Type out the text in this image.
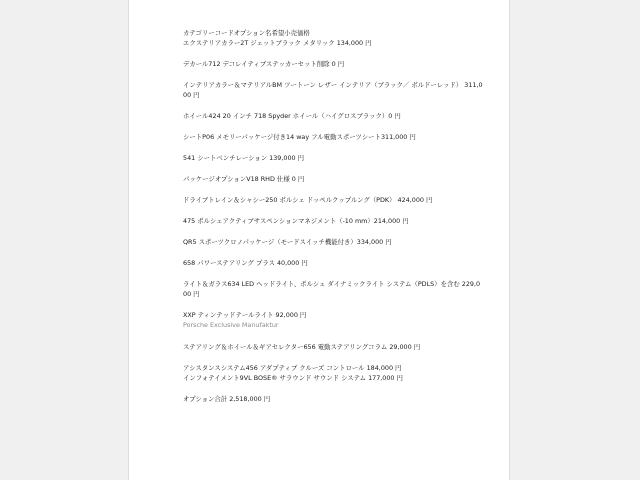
カテゴリーコードオプション名希望小売価格

エクステリアカラー2T ジェットブラック メタリック 134,000 円

デカール712 デコレイティブステッカーセット削除 0 円

インテリアカラー＆マテリアルBM ツートーン レザー インテリア（ブラック／ ボルドーレッド） 311,000 円

ホイール424 20 インチ 718 Spyder ホイール（ハイグロスブラック）0 円

シートP06 メモリーパッケージ付き14 way フル電動スポーツシート311,000 円

541 シートベンチレーション 139,000 円

パッケージオプションV18 RHD 仕様 0 円

ドライブトレイン＆シャシー250 ポルシェ ドッペルクップルング（PDK） 424,000 円

475 ポルシェアクティブサスペンションマネジメント（-10 mm）214,000 円

QR5 スポーツクロノパッケージ（モードスイッチ機能付き）334,000 円

658 パワーステアリング プラス 40,000 円

ライト＆ガラス634 LED ヘッドライト、ポルシェ ダイナミックライト システム（PDLS）を含む 229,000 円

XXP ティンテッドテールライト 92,000 円

Porsche Exclusive Manufaktur

ステアリング＆ホイール＆ギアセレクター656 電動ステアリングコラム 29,000 円

アシスタンスシステム456 アダプティブ クルーズ コントロール 184,000 円

インフォテイメント9VL BOSE® サラウンド サウンド システム 177,000 円

オプション合計 2,518,000 円
